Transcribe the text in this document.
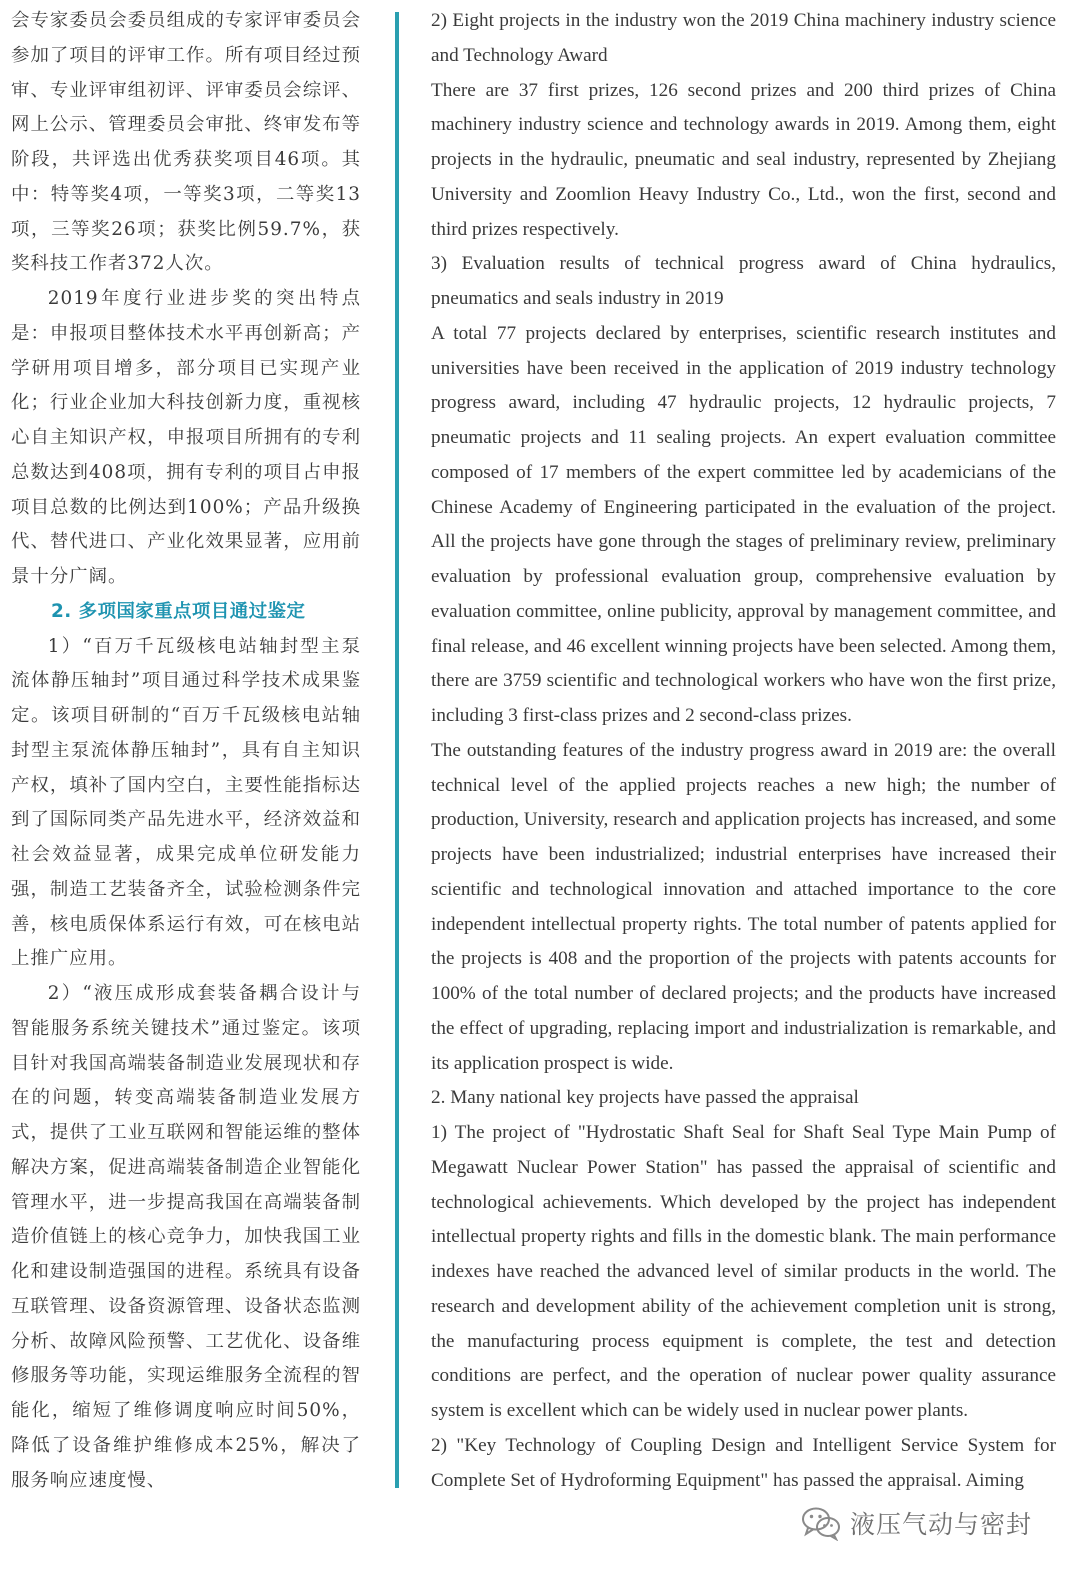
会专家委员会委员组成的专家评审委员会参加了项目的评审工作。所有项目经过预审、专业评审组初评、评审委员会综评、网上公示、管理委员会审批、终审发布等阶段，共评选出优秀获奖项目46项。其中：特等奖4项，一等奖3项，二等奖13项，三等奖26项；获奖比例59.7%，获奖科技工作者372人次。

2019年度行业进步奖的突出特点是：申报项目整体技术水平再创新高；产学研用项目增多，部分项目已实现产业化；行业企业加大科技创新力度，重视核心自主知识产权，申报项目所拥有的专利总数达到408项，拥有专利的项目占申报项目总数的比例达到100%；产品升级换代、替代进口、产业化效果显著，应用前景十分广阔。

2. 多项国家重点项目通过鉴定

1）“百万千瓦级核电站轴封型主泵流体静压轴封”项目通过科学技术成果鉴定。该项目研制的“百万千瓦级核电站轴封型主泵流体静压轴封”，具有自主知识产权，填补了国内空白，主要性能指标达到了国际同类产品先进水平，经济效益和社会效益显著，成果完成单位研发能力强，制造工艺装备齐全，试验检测条件完善，核电质保体系运行有效，可在核电站上推广应用。

2）“液压成形成套装备耦合设计与智能服务系统关键技术”通过鉴定。该项目针对我国高端装备制造业发展现状和存在的问题，转变高端装备制造业发展方式，提供了工业互联网和智能运维的整体解决方案，促进高端装备制造企业智能化管理水平，进一步提高我国在高端装备制造价值链上的核心竞争力，加快我国工业化和建设制造强国的进程。系统具有设备互联管理、设备资源管理、设备状态监测分析、故障风险预警、工艺优化、设备维修服务等功能，实现运维服务全流程的智能化，缩短了维修调度响应时间50%，降低了设备维护维修成本25%，解决了服务响应速度慢、

2) Eight projects in the industry won the 2019 China machinery industry science and Technology Award

There are 37 first prizes, 126 second prizes and 200 third prizes of China machinery industry science and technology awards in 2019. Among them, eight projects in the hydraulic, pneumatic and seal industry, represented by Zhejiang University and Zoomlion Heavy Industry Co., Ltd., won the first, second and third prizes respectively.

3) Evaluation results of technical progress award of China hydraulics, pneumatics and seals industry in 2019

A total 77 projects declared by enterprises, scientific research institutes and universities have been received in the application of 2019 industry technology progress award, including 47 hydraulic projects, 12 hydraulic projects, 7 pneumatic projects and 11 sealing projects. An expert evaluation committee composed of 17 members of the expert committee led by academicians of the Chinese Academy of Engineering participated in the evaluation of the project. All the projects have gone through the stages of preliminary review, preliminary evaluation by professional evaluation group, comprehensive evaluation by evaluation committee, online publicity, approval by management committee, and final release, and 46 excellent winning projects have been selected. Among them, there are 3759 scientific and technological workers who have won the first prize, including 3 first-class prizes and 2 second-class prizes.

The outstanding features of the industry progress award in 2019 are: the overall technical level of the applied projects reaches a new high; the number of production, University, research and application projects has increased, and some projects have been industrialized; industrial enterprises have increased their scientific and technological innovation and attached importance to the core independent intellectual property rights. The total number of patents applied for the projects is 408 and the proportion of the projects with patents accounts for 100% of the total number of declared projects; and the products have increased the effect of upgrading, replacing import and industrialization is remarkable, and its application prospect is wide.

2. Many national key projects have passed the appraisal

1) The project of "Hydrostatic Shaft Seal for Shaft Seal Type Main Pump of Megawatt Nuclear Power Station" has passed the appraisal of scientific and technological achievements. Which developed by the project has independent intellectual property rights and fills in the domestic blank. The main performance indexes have reached the advanced level of similar products in the world. The research and development ability of the achievement completion unit is strong, the manufacturing process equipment is complete, the test and detection conditions are perfect, and the operation of nuclear power quality assurance system is excellent which can be widely used in nuclear power plants.

2) "Key Technology of Coupling Design and Intelligent Service System for Complete Set of Hydroforming Equipment" has passed the appraisal. Aiming

液压气动与密封
